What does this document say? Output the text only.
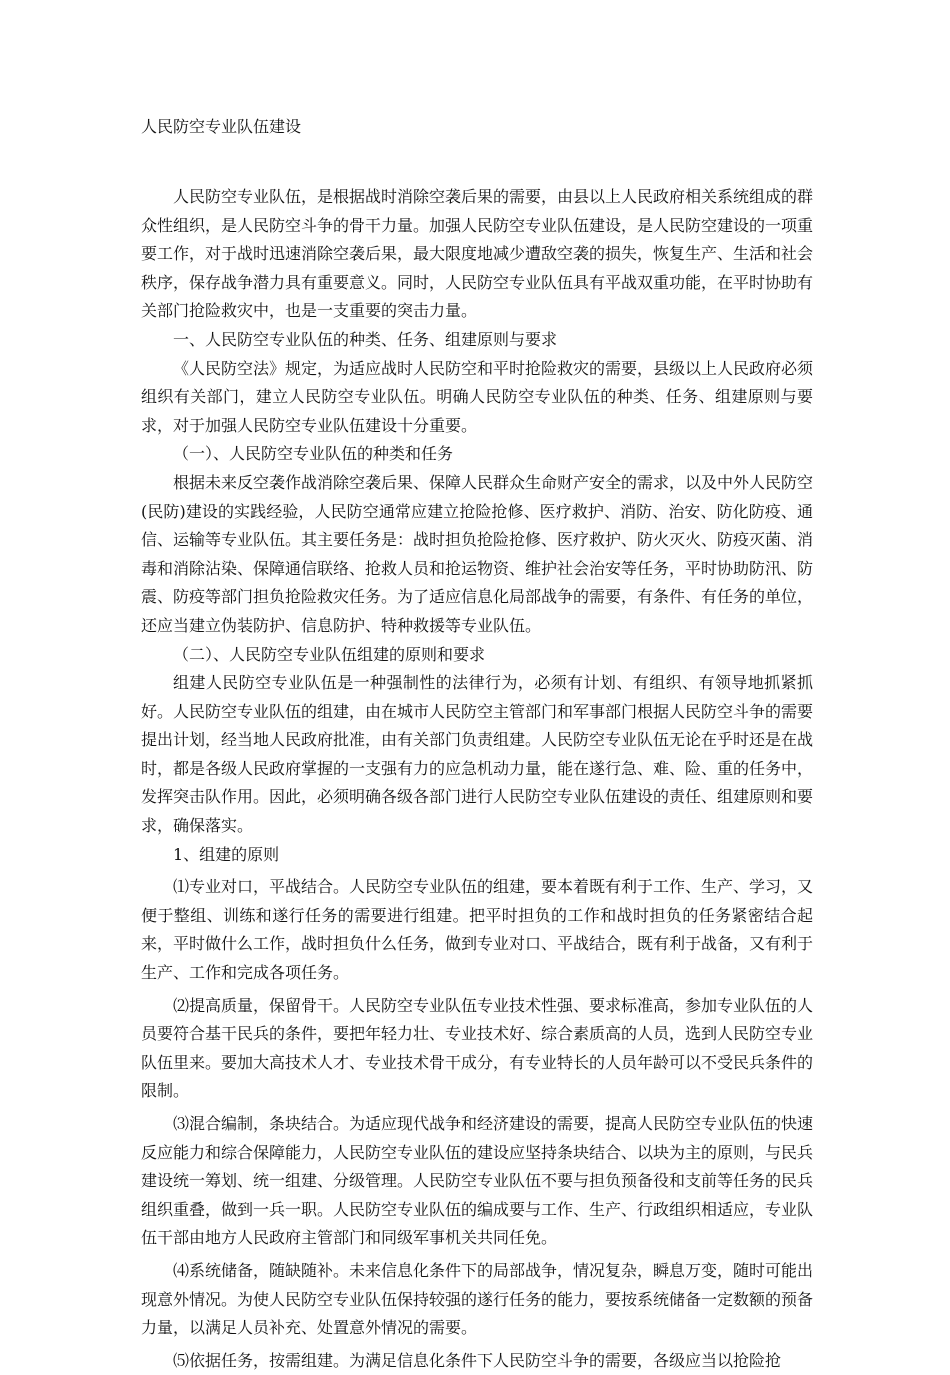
人民防空专业队伍建设

人民防空专业队伍，是根据战时消除空袭后果的需要，由县以上人民政府相关系统组成的群众性组织，是人民防空斗争的骨干力量。加强人民防空专业队伍建设，是人民防空建设的一项重要工作，对于战时迅速消除空袭后果，最大限度地减少遭敌空袭的损失，恢复生产、生活和社会秩序，保存战争潜力具有重要意义。同时，人民防空专业队伍具有平战双重功能，在平时协助有关部门抢险救灾中，也是一支重要的突击力量。

一、人民防空专业队伍的种类、任务、组建原则与要求

《人民防空法》规定，为适应战时人民防空和平时抢险救灾的需要，县级以上人民政府必须组织有关部门，建立人民防空专业队伍。明确人民防空专业队伍的种类、任务、组建原则与要求，对于加强人民防空专业队伍建设十分重要。

（一）、人民防空专业队伍的种类和任务

根据未来反空袭作战消除空袭后果、保障人民群众生命财产安全的需求，以及中外人民防空(民防)建设的实践经验，人民防空通常应建立抢险抢修、医疗救护、消防、治安、防化防疫、通信、运输等专业队伍。其主要任务是：战时担负抢险抢修、医疗救护、防火灭火、防疫灭菌、消毒和消除沾染、保障通信联络、抢救人员和抢运物资、维护社会治安等任务，平时协助防汛、防震、防疫等部门担负抢险救灾任务。为了适应信息化局部战争的需要，有条件、有任务的单位，还应当建立伪装防护、信息防护、特种救援等专业队伍。

（二）、人民防空专业队伍组建的原则和要求

组建人民防空专业队伍是一种强制性的法律行为，必须有计划、有组织、有领导地抓紧抓好。人民防空专业队伍的组建，由在城市人民防空主管部门和军事部门根据人民防空斗争的需要提出计划，经当地人民政府批准，由有关部门负责组建。人民防空专业队伍无论在乎时还是在战时，都是各级人民政府掌握的一支强有力的应急机动力量，能在遂行急、难、险、重的任务中，发挥突击队作用。因此，必须明确各级各部门进行人民防空专业队伍建设的责任、组建原则和要求，确保落实。

1、组建的原则

⑴专业对口，平战结合。人民防空专业队伍的组建，要本着既有利于工作、生产、学习，又便于整组、训练和遂行任务的需要进行组建。把平时担负的工作和战时担负的任务紧密结合起来，平时做什么工作，战时担负什么任务，做到专业对口、平战结合，既有利于战备，又有利于生产、工作和完成各项任务。

⑵提高质量，保留骨干。人民防空专业队伍专业技术性强、要求标准高，参加专业队伍的人员要符合基干民兵的条件，要把年轻力壮、专业技术好、综合素质高的人员，选到人民防空专业队伍里来。要加大高技术人才、专业技术骨干成分，有专业特长的人员年龄可以不受民兵条件的限制。

⑶混合编制，条块结合。为适应现代战争和经济建设的需要，提高人民防空专业队伍的快速反应能力和综合保障能力，人民防空专业队伍的建设应坚持条块结合、以块为主的原则，与民兵建设统一筹划、统一组建、分级管理。人民防空专业队伍不要与担负预备役和支前等任务的民兵组织重叠，做到一兵一职。人民防空专业队伍的编成要与工作、生产、行政组织相适应，专业队伍干部由地方人民政府主管部门和同级军事机关共同任免。

⑷系统储备，随缺随补。未来信息化条件下的局部战争，情况复杂，瞬息万变，随时可能出现意外情况。为使人民防空专业队伍保持较强的遂行任务的能力，要按系统储备一定数额的预备力量，以满足人员补充、处置意外情况的需要。

⑸依据任务，按需组建。为满足信息化条件下人民防空斗争的需要，各级应当以抢险抢
